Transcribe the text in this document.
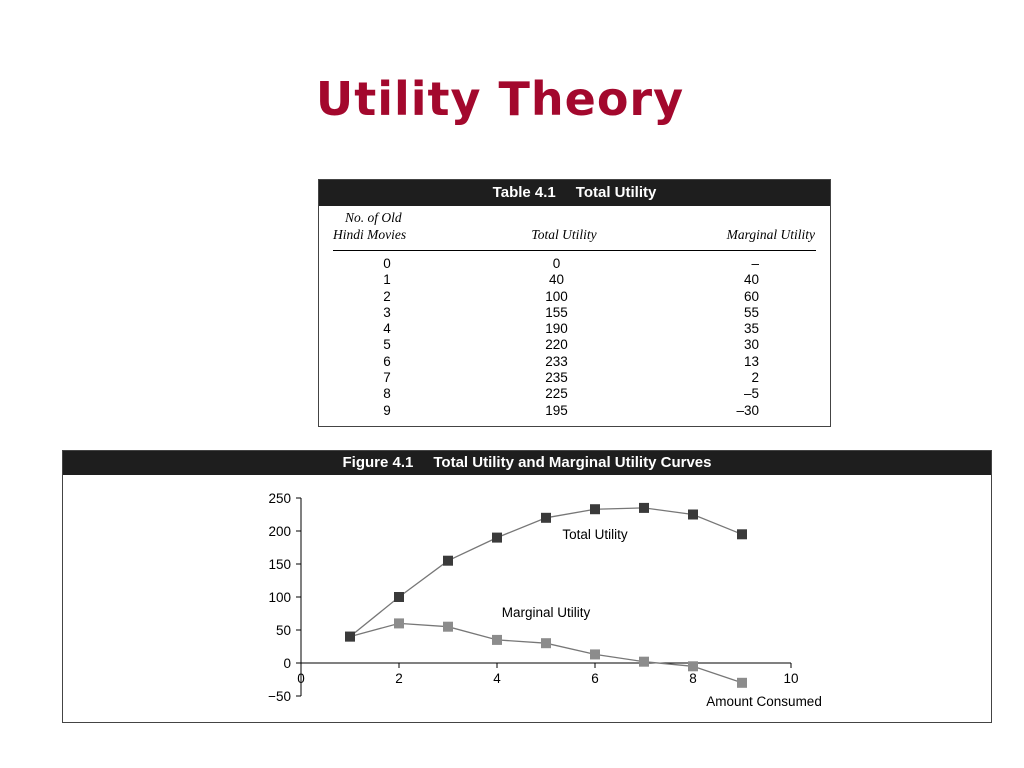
Utility Theory
Table 4.1 Total Utility
No. of Old
Hindi Movies	Total Utility	Marginal Utility
0	0	–
1	40	40
2	100	60
3	155	55
4	190	35
5	220	30
6	233	13
7	235	2
8	225	–5
9	195	–30
Figure 4.1 Total Utility and Marginal Utility Curves
250
200
150
100
50
0
−50
0	2	4	6	8	10
Amount Consumed
Marginal Utility
Total Utility
